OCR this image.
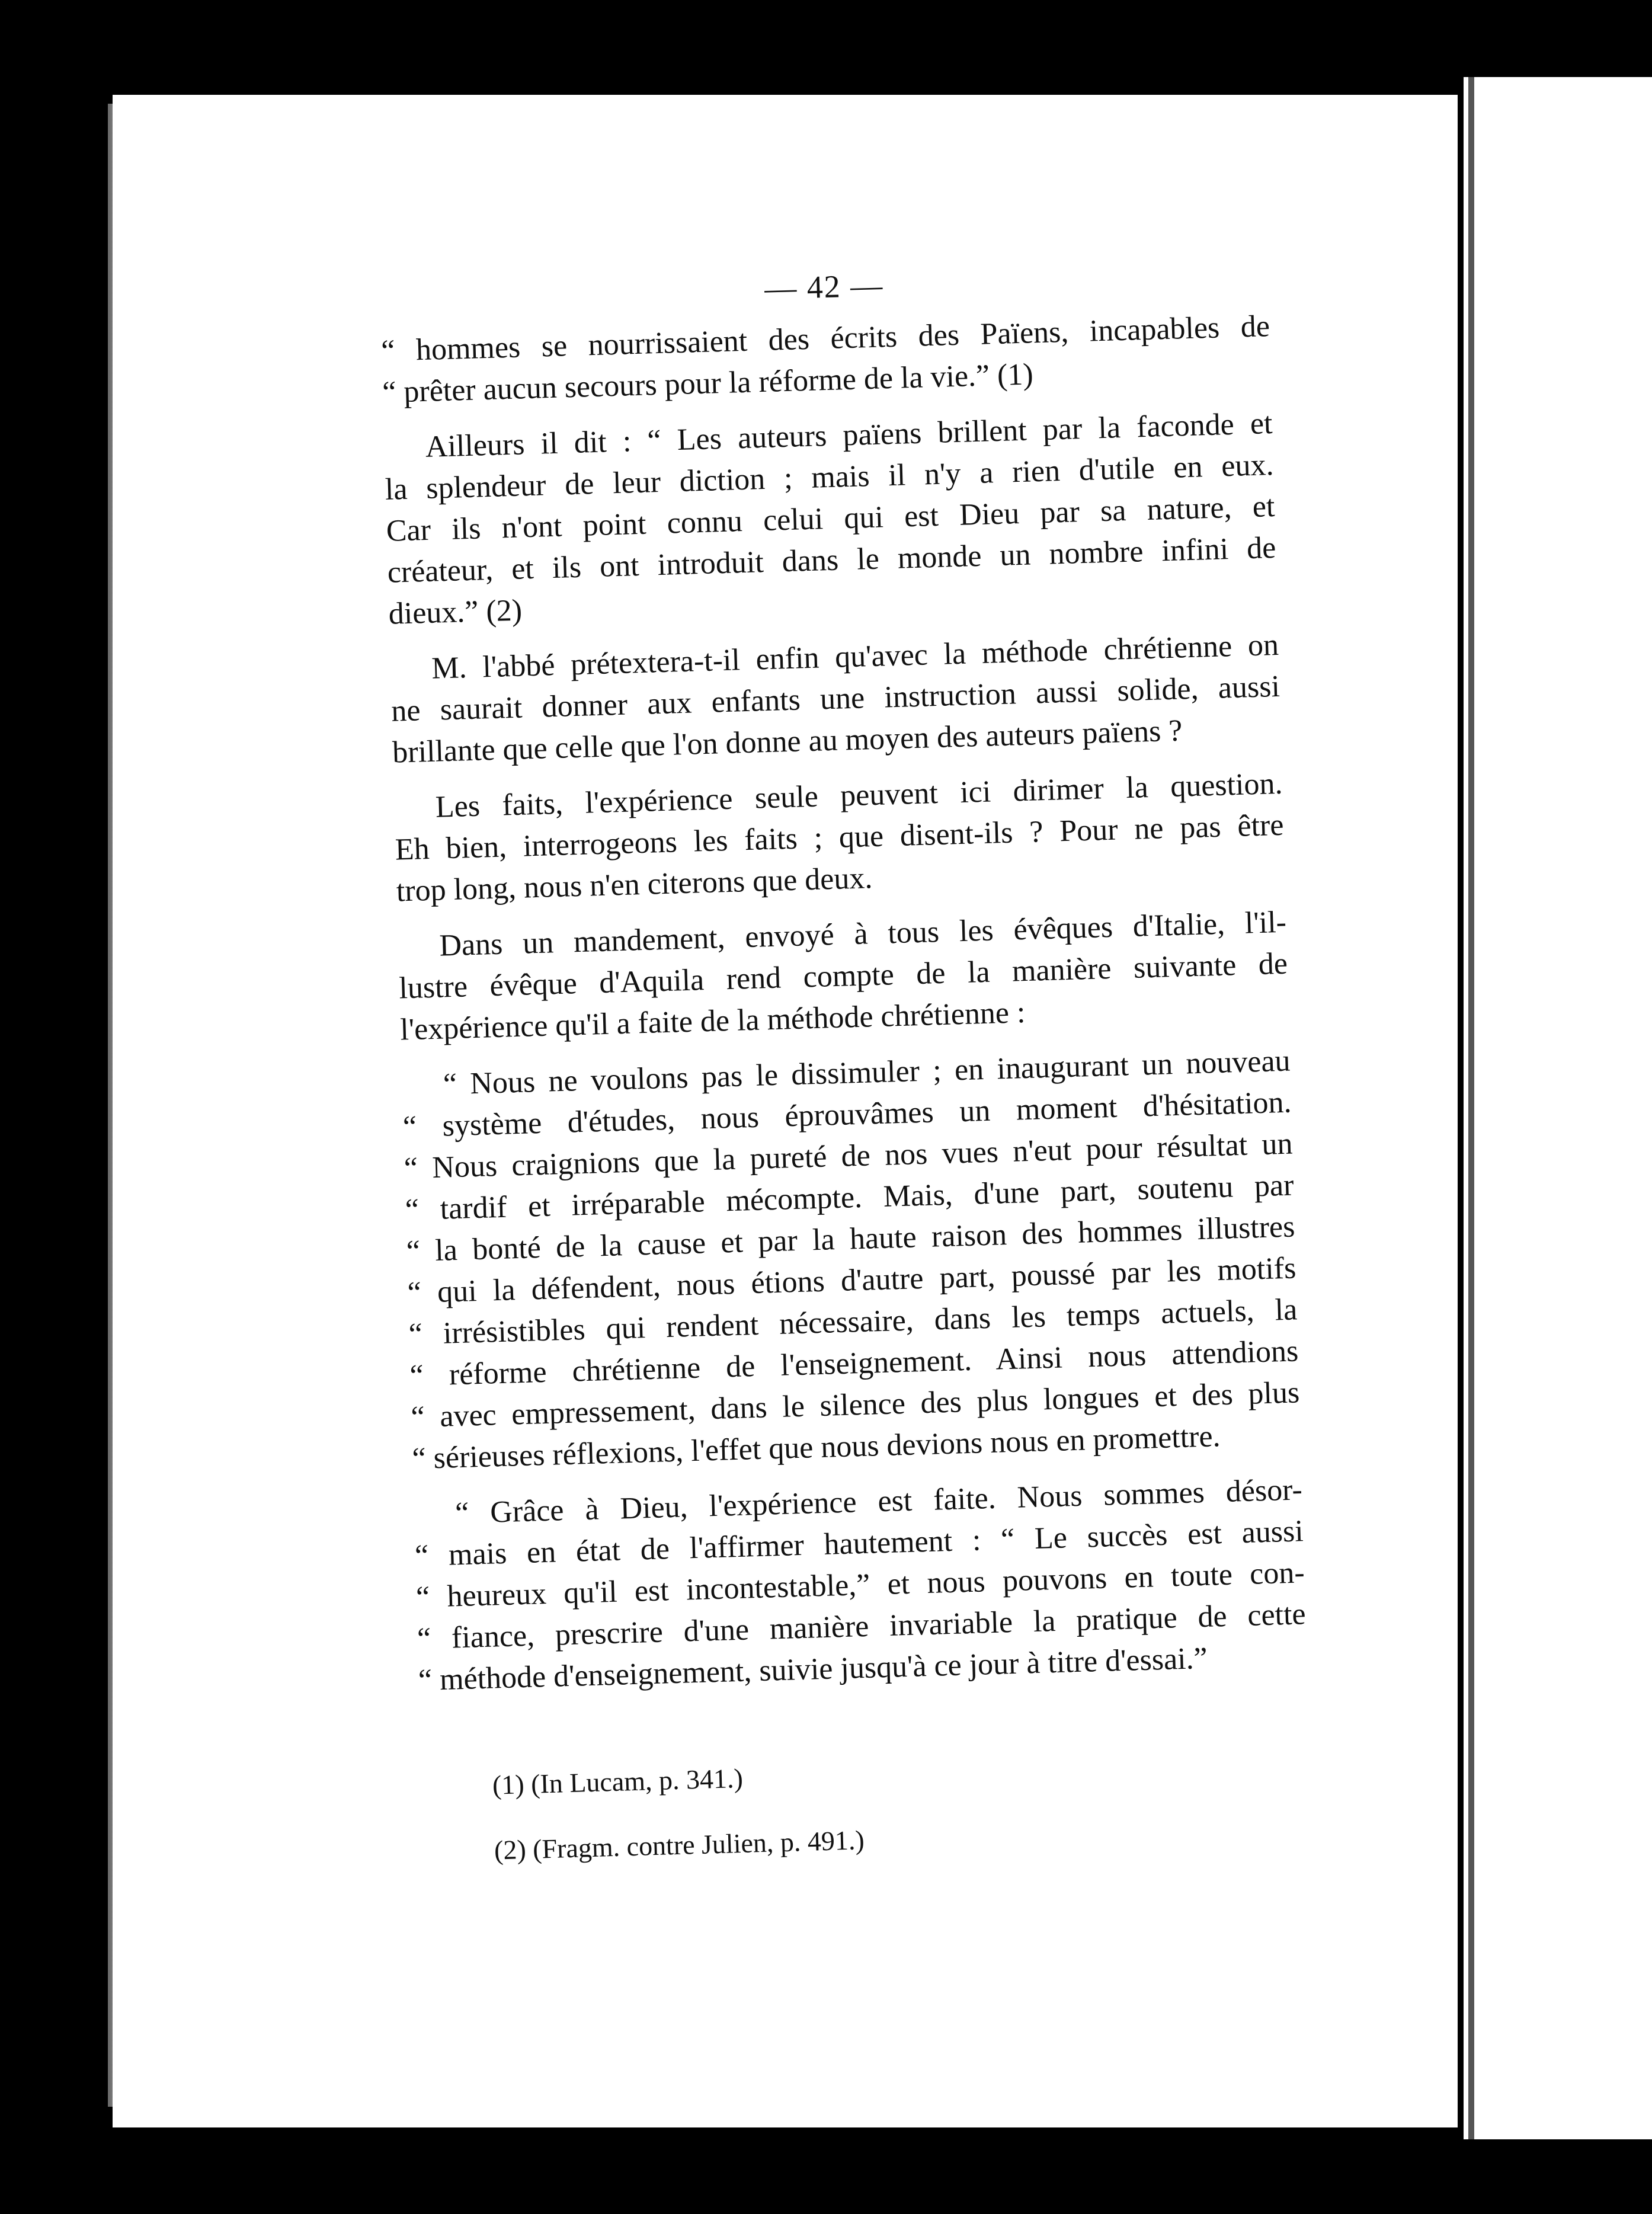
— 42 —
“ hommes se nourrissaient des écrits des Païens, incapables de
“ prêter aucun secours pour la réforme de la vie.” (1)
Ailleurs il dit : “ Les auteurs païens brillent par la faconde et
la splendeur de leur diction ; mais il n'y a rien d'utile en eux.
Car ils n'ont point connu celui qui est Dieu par sa nature, et
créateur, et ils ont introduit dans le monde un nombre infini de
dieux.” (2)
M. l'abbé prétextera-t-il enfin qu'avec la méthode chrétienne on
ne saurait donner aux enfants une instruction aussi solide, aussi
brillante que celle que l'on donne au moyen des auteurs païens ?
Les faits, l'expérience seule peuvent ici dirimer la question.
Eh bien, interrogeons les faits ; que disent-ils ? Pour ne pas être
trop long, nous n'en citerons que deux.
Dans un mandement, envoyé à tous les évêques d'Italie, l'il-
lustre évêque d'Aquila rend compte de la manière suivante de
l'expérience qu'il a faite de la méthode chrétienne :
“ Nous ne voulons pas le dissimuler ; en inaugurant un nouveau
“ système d'études, nous éprouvâmes un moment d'hésitation.
“ Nous craignions que la pureté de nos vues n'eut pour résultat un
“ tardif et irréparable mécompte. Mais, d'une part, soutenu par
“ la bonté de la cause et par la haute raison des hommes illustres
“ qui la défendent, nous étions d'autre part, poussé par les motifs
“ irrésistibles qui rendent nécessaire, dans les temps actuels, la
“ réforme chrétienne de l'enseignement. Ainsi nous attendions
“ avec empressement, dans le silence des plus longues et des plus
“ sérieuses réflexions, l'effet que nous devions nous en promettre.
“ Grâce à Dieu, l'expérience est faite. Nous sommes désor-
“ mais en état de l'affirmer hautement : “ Le succès est aussi
“ heureux qu'il est incontestable,” et nous pouvons en toute con-
“ fiance, prescrire d'une manière invariable la pratique de cette
“ méthode d'enseignement, suivie jusqu'à ce jour à titre d'essai.”
(1) (In Lucam, p. 341.)
(2) (Fragm. contre Julien, p. 491.)
